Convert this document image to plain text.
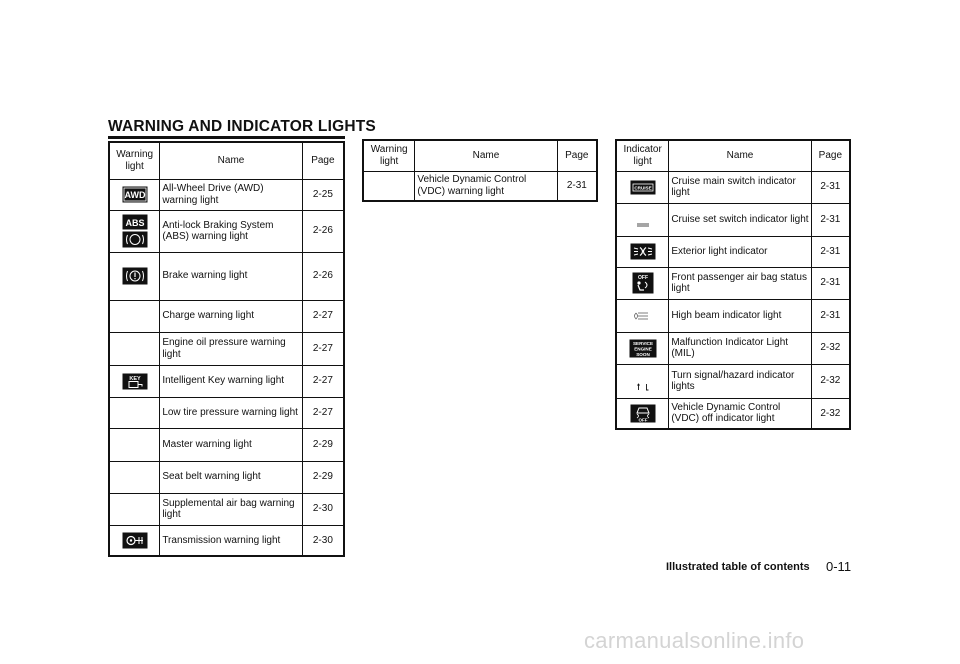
WARNING AND INDICATOR LIGHTS
Warning light	Name	Page

AWD	All-Wheel Drive (AWD) warning light	2-25

ABS	Anti-lock Braking System (ABS) warning light	2-26
	Brake warning light	2-26
	Charge warning light	2-27
	Engine oil pressure warning light	2-27

KEY	Intelligent Key warning light	2-27
	Low tire pressure warning light	2-27
	Master warning light	2-29
	Seat belt warning light	2-29
	Supplemental air bag warning light	2-30
	Transmission warning light	2-30
Warning light	Name	Page
	Vehicle Dynamic Control (VDC) warning light	2-31
Indicator light	Name	Page

CRUISE	Cruise main switch indicator light	2-31
	Cruise set switch indicator light	2-31
	Exterior light indicator	2-31

OFF	Front passenger air bag status light	2-31
	High beam indicator light	2-31

SERVICE
ENGINE
SOON	Malfunction Indicator Light (MIL)	2-32
	Turn signal/hazard indicator lights	2-32

OFF	Vehicle Dynamic Control (VDC) off indicator light	2-32
Illustrated table of contents 0-11
carmanualsonline.info
